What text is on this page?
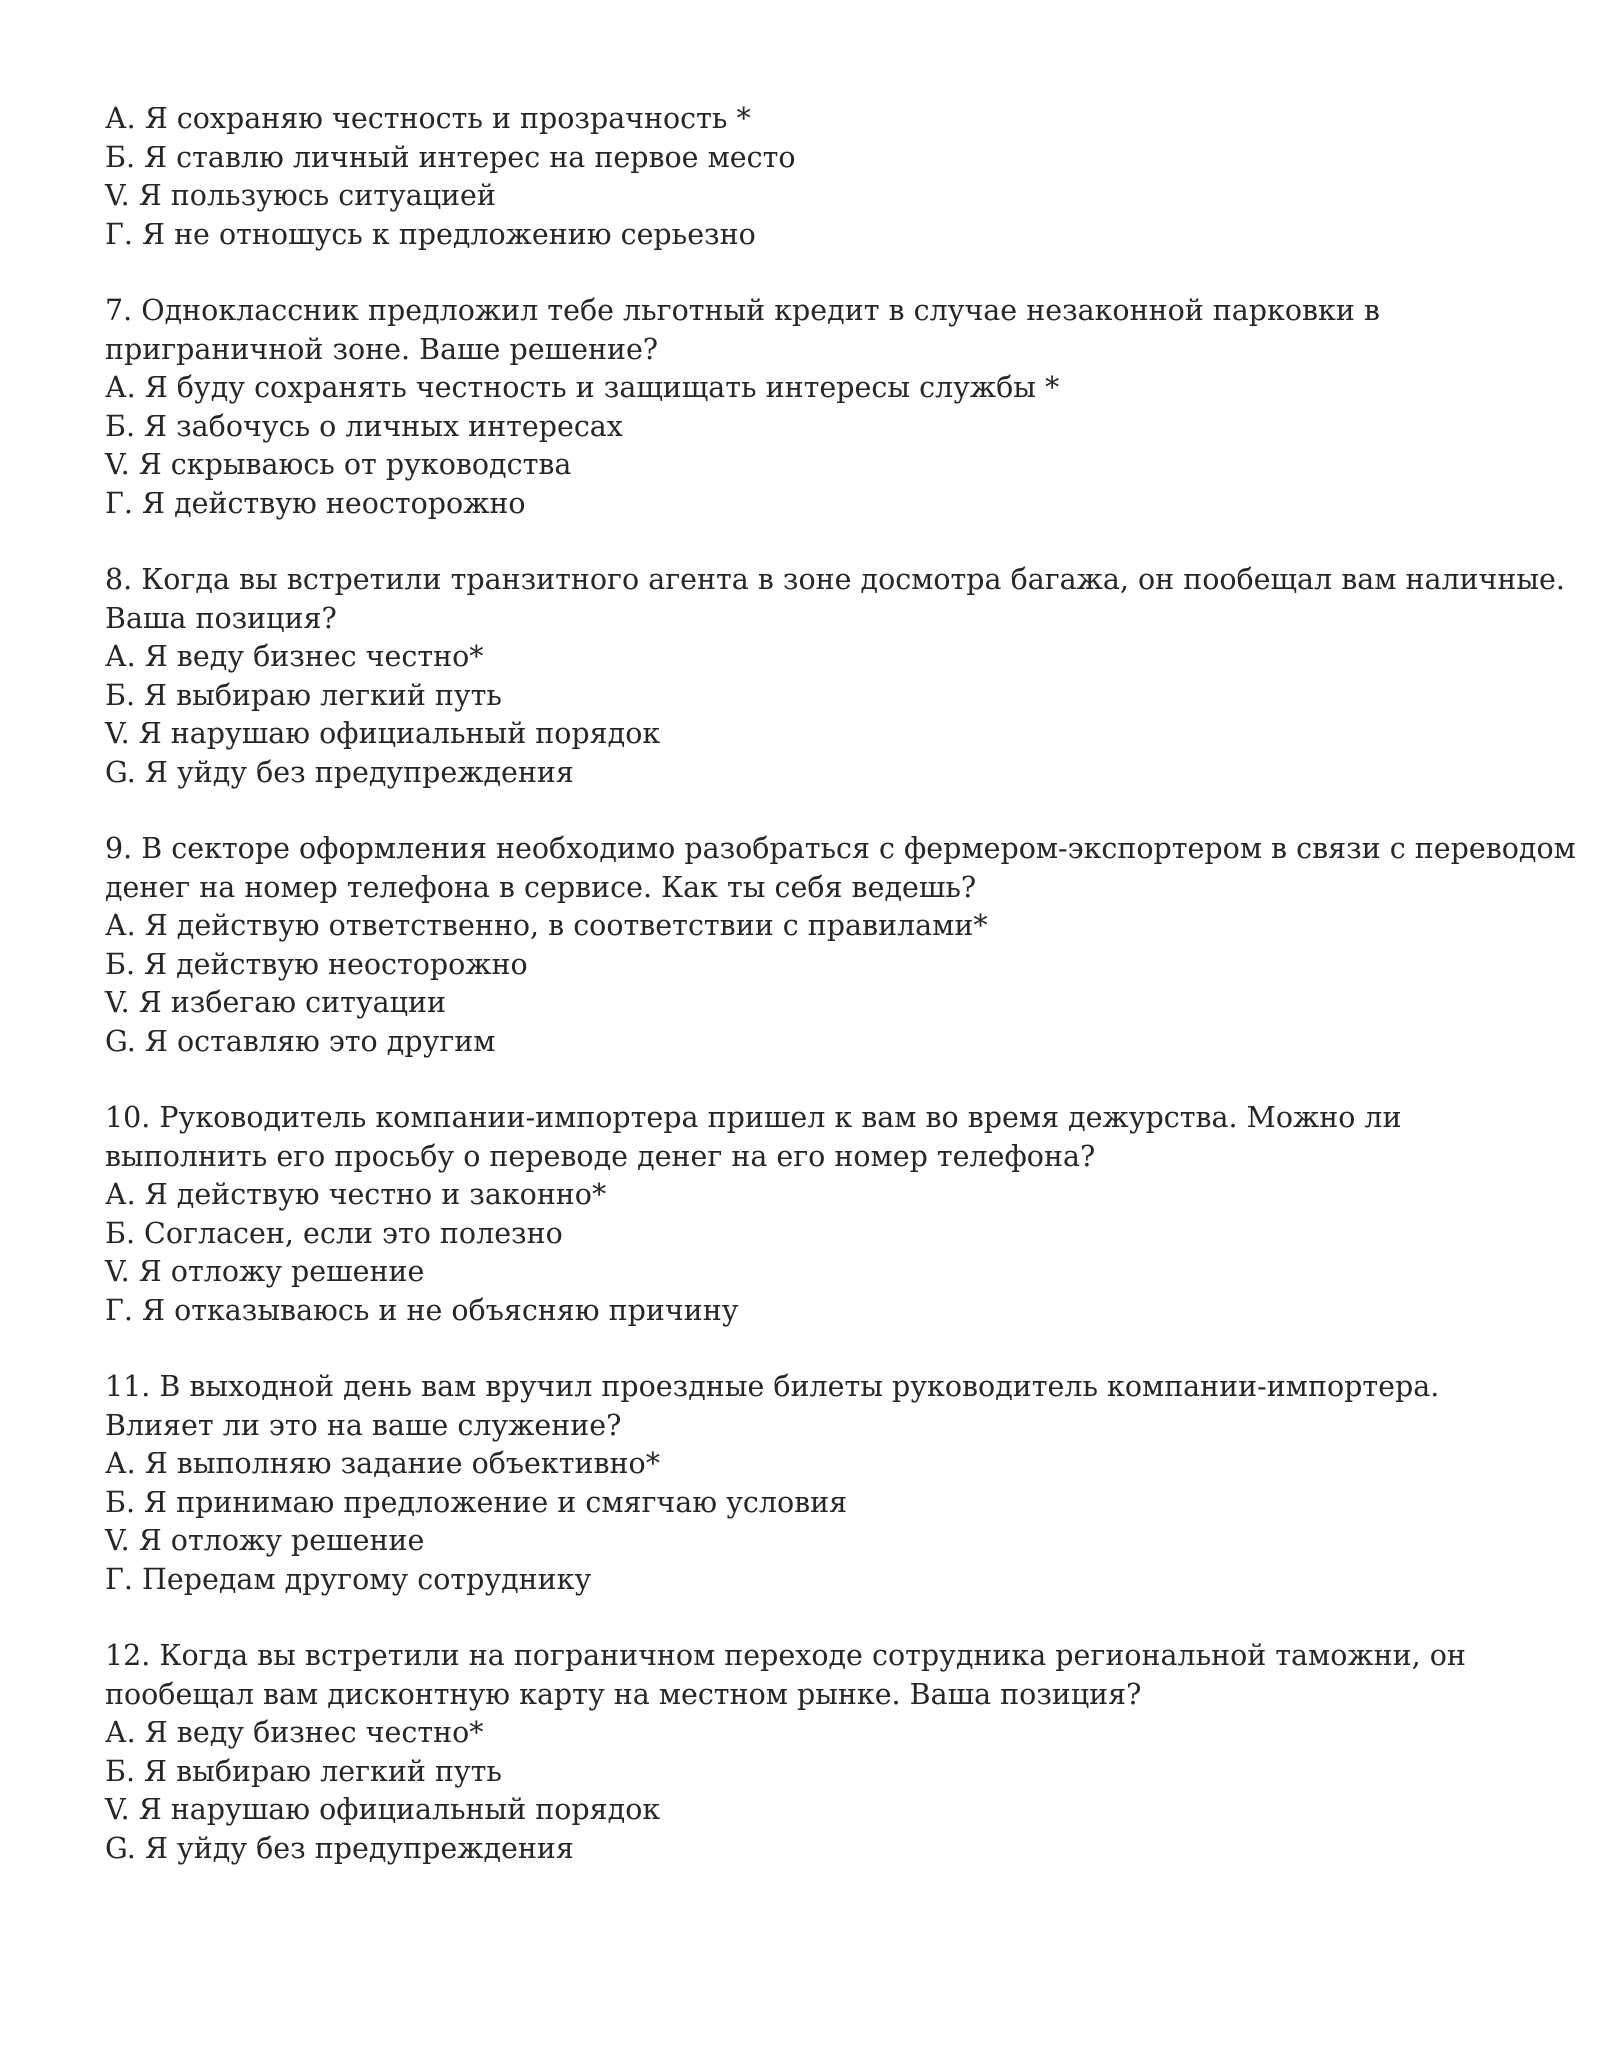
А. Я сохраняю честность и прозрачность *

Б. Я ставлю личный интерес на первое место

V. Я пользуюсь ситуацией

Г. Я не отношусь к предложению серьезно

7. Одноклассник предложил тебе льготный кредит в случае незаконной парковки в

приграничной зоне. Ваше решение?

А. Я буду сохранять честность и защищать интересы службы *

Б. Я забочусь о личных интересах

V. Я скрываюсь от руководства

Г. Я действую неосторожно

8. Когда вы встретили транзитного агента в зоне досмотра багажа, он пообещал вам наличные.

Ваша позиция?

А. Я веду бизнес честно*

Б. Я выбираю легкий путь

V. Я нарушаю официальный порядок

G. Я уйду без предупреждения

9. В секторе оформления необходимо разобраться с фермером-экспортером в связи с переводом

денег на номер телефона в сервисе. Как ты себя ведешь?

А. Я действую ответственно, в соответствии с правилами*

Б. Я действую неосторожно

V. Я избегаю ситуации

G. Я оставляю это другим

10. Руководитель компании-импортера пришел к вам во время дежурства. Можно ли

выполнить его просьбу о переводе денег на его номер телефона?

А. Я действую честно и законно*

Б. Согласен, если это полезно

V. Я отложу решение

Г. Я отказываюсь и не объясняю причину

11. В выходной день вам вручил проездные билеты руководитель компании-импортера.

Влияет ли это на ваше служение?

А. Я выполняю задание объективно*

Б. Я принимаю предложение и смягчаю условия

V. Я отложу решение

Г. Передам другому сотруднику

12. Когда вы встретили на пограничном переходе сотрудника региональной таможни, он

пообещал вам дисконтную карту на местном рынке. Ваша позиция?

А. Я веду бизнес честно*

Б. Я выбираю легкий путь

V. Я нарушаю официальный порядок

G. Я уйду без предупреждения
